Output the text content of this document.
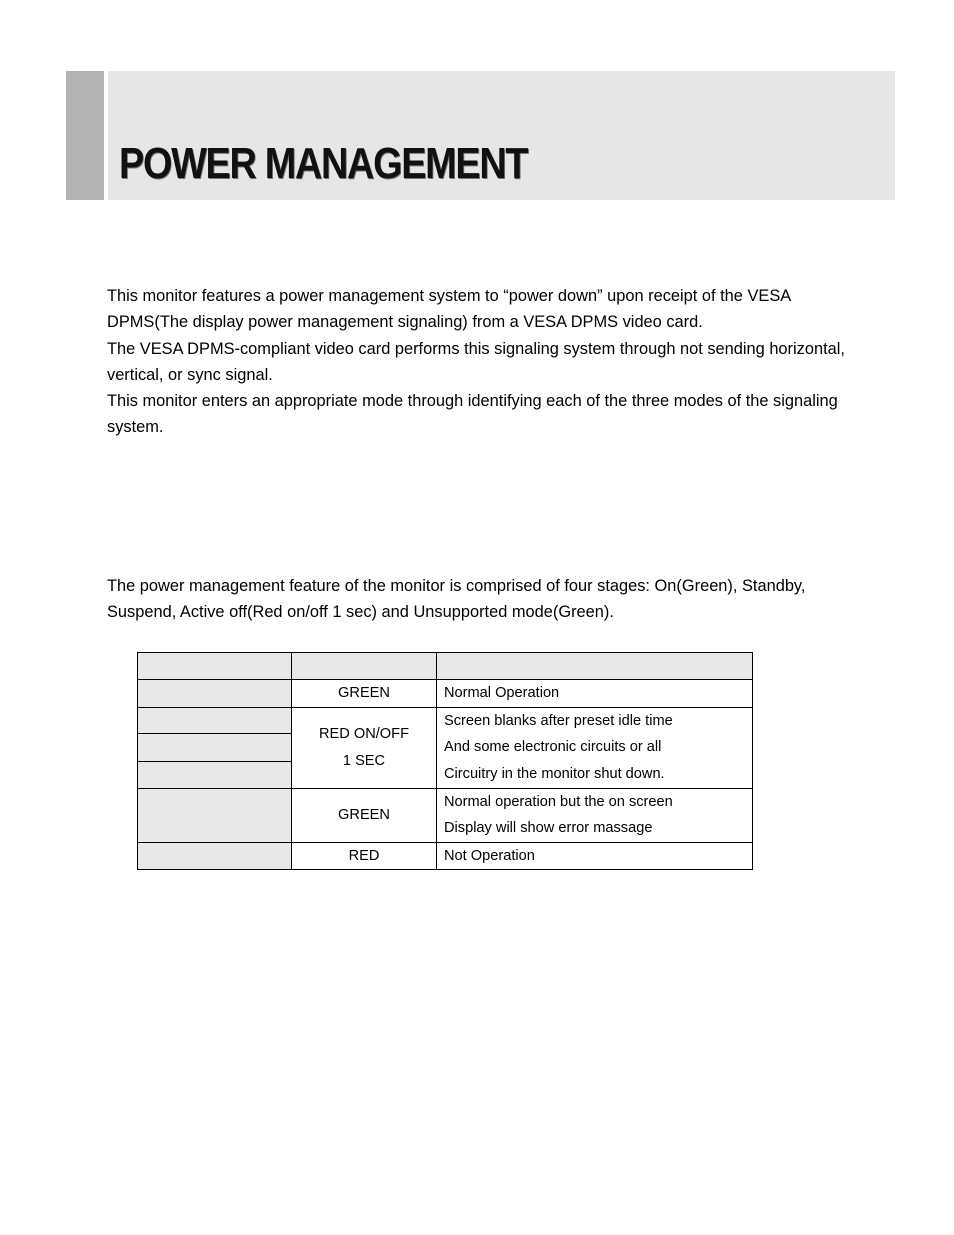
POWER MANAGEMENT

This monitor features a power management system to “power down” upon receipt of the VESA DPMS(The display power management signaling) from a VESA DPMS video card.

The VESA DPMS-compliant video card performs this signaling system through not sending horizontal, vertical, or sync signal.

This monitor enters an appropriate mode through identifying each of the three modes of the signaling system.

The power management feature of the monitor is comprised of four stages: On(Green), Standby, Suspend, Active off(Red on/off 1 sec) and Unsupported mode(Green).

	GREEN	Normal Operation

	RED ON/OFF
1 SEC	Screen blanks after preset idle time
And some electronic circuits or all
Circuitry in the monitor shut down.

	GREEN	Normal operation but the on screen
Display will show error massage

	RED	Not Operation
